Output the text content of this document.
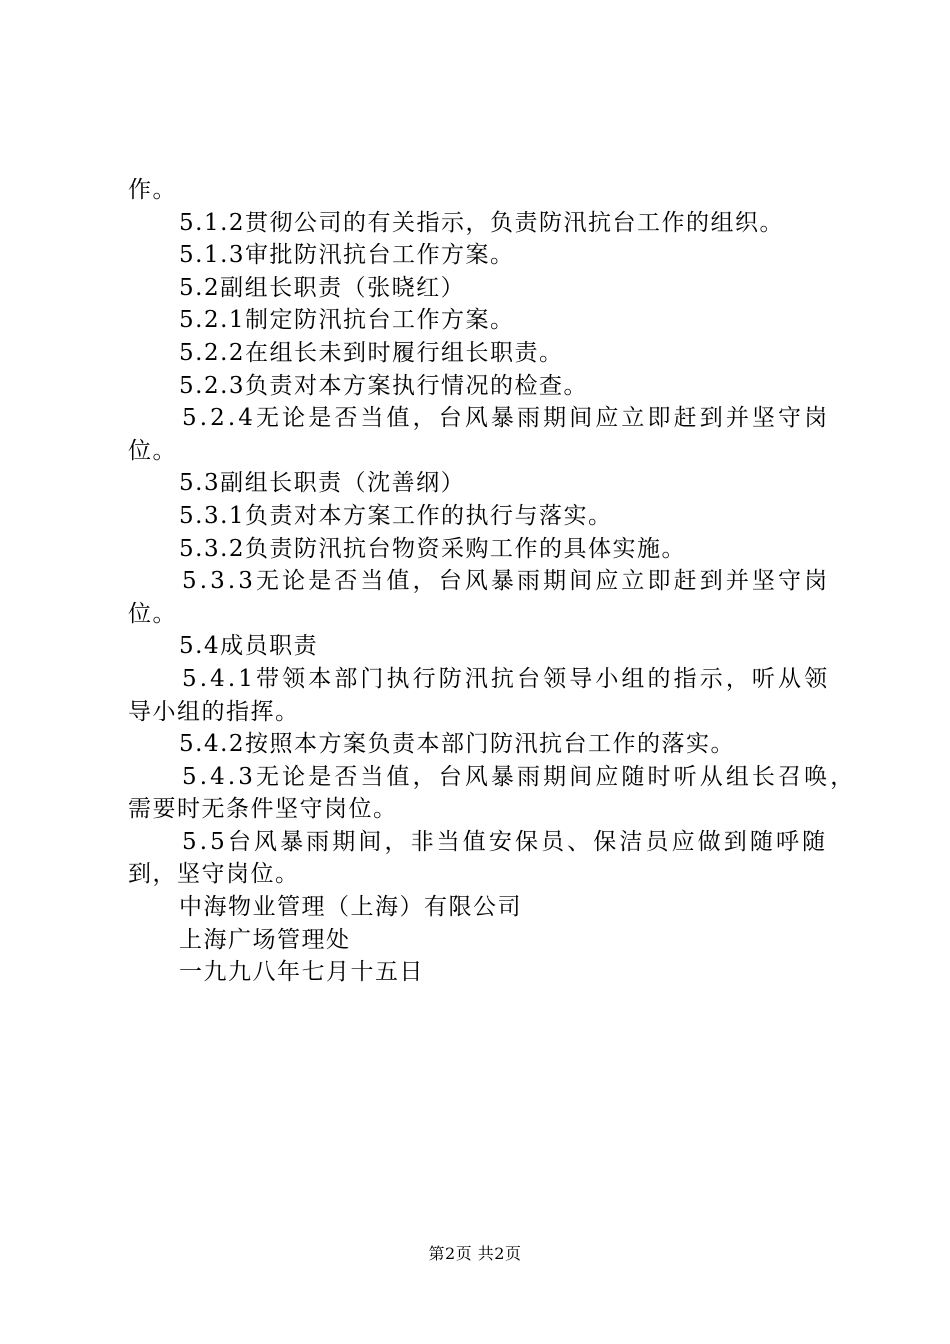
作。
5.1.2贯彻公司的有关指示，负责防汛抗台工作的组织。
5.1.3审批防汛抗台工作方案。
5.2副组长职责（张晓红）
5.2.1制定防汛抗台工作方案。
5.2.2在组长未到时履行组长职责。
5.2.3负责对本方案执行情况的检查。
5.2.4无论是否当值，台风暴雨期间应立即赶到并坚守岗
位。
5.3副组长职责（沈善纲）
5.3.1负责对本方案工作的执行与落实。
5.3.2负责防汛抗台物资采购工作的具体实施。
5.3.3无论是否当值，台风暴雨期间应立即赶到并坚守岗
位。
5.4成员职责
5.4.1带领本部门执行防汛抗台领导小组的指示，听从领
导小组的指挥。
5.4.2按照本方案负责本部门防汛抗台工作的落实。
5.4.3无论是否当值，台风暴雨期间应随时听从组长召唤，
需要时无条件坚守岗位。
5.5台风暴雨期间，非当值安保员、保洁员应做到随呼随
到，坚守岗位。
中海物业管理（上海）有限公司
上海广场管理处
一九九八年七月十五日
第2页 共2页
